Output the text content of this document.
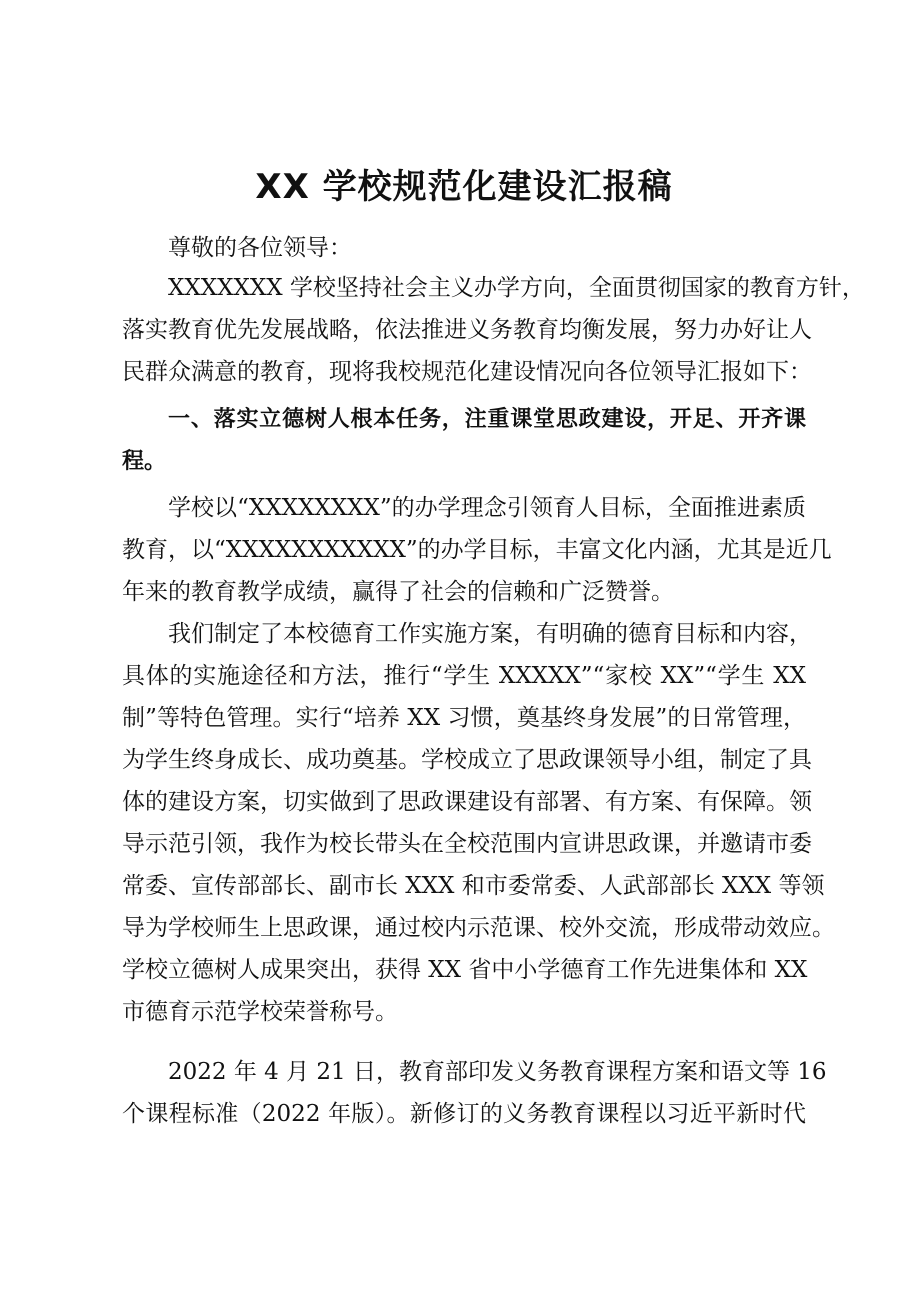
XX 学校规范化建设汇报稿
尊敬的各位领导：
XXXXXXX 学校坚持社会主义办学方向，全面贯彻国家的教育方针，
落实教育优先发展战略，依法推进义务教育均衡发展，努力办好让人
民群众满意的教育，现将我校规范化建设情况向各位领导汇报如下：
一、落实立德树人根本任务，注重课堂思政建设，开足、开齐课
程。
学校以“XXXXXXXX”的办学理念引领育人目标，全面推进素质
教育，以“XXXXXXXXXXX”的办学目标，丰富文化内涵，尤其是近几
年来的教育教学成绩，赢得了社会的信赖和广泛赞誉。
我们制定了本校德育工作实施方案，有明确的德育目标和内容，
具体的实施途径和方法，推行“学生 XXXXX”“家校 XX”“学生 XX
制”等特色管理。实行“培养 XX 习惯，奠基终身发展”的日常管理，
为学生终身成长、成功奠基。学校成立了思政课领导小组，制定了具
体的建设方案，切实做到了思政课建设有部署、有方案、有保障。领
导示范引领，我作为校长带头在全校范围内宣讲思政课，并邀请市委
常委、宣传部部长、副市长 XXX 和市委常委、人武部部长 XXX 等领
导为学校师生上思政课，通过校内示范课、校外交流，形成带动效应。
学校立德树人成果突出，获得 XX 省中小学德育工作先进集体和 XX
市德育示范学校荣誉称号。
2022 年 4 月 21 日，教育部印发义务教育课程方案和语文等 16
个课程标准（2022 年版）。新修订的义务教育课程以习近平新时代
